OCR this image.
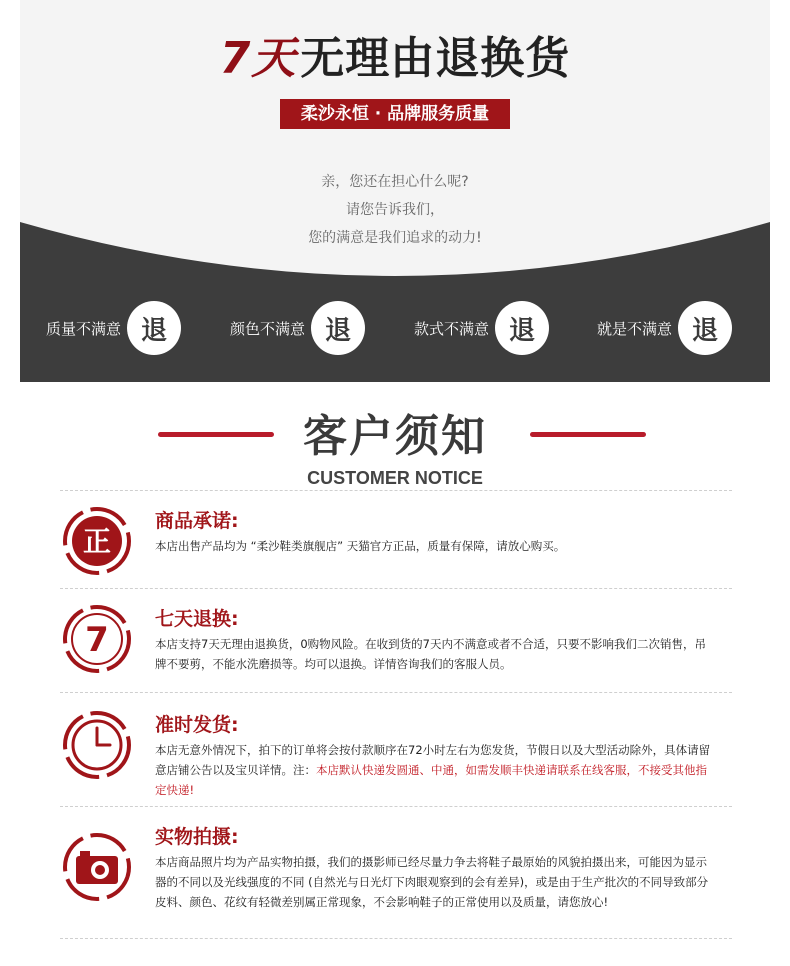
7天无理由退换货
柔沙永恒 · 品牌服务质量
亲，您还在担心什么呢?
请您告诉我们，
您的满意是我们追求的动力!
质量不满意 退	颜色不满意 退	款式不满意 退	就是不满意 退
客户须知
CUSTOMER NOTICE
正
商品承诺:
本店出售产品均为 “柔沙鞋类旗舰店” 天猫官方正品，质量有保障，请放心购买。
7
七天退换:
本店支持7天无理由退换货，0购物风险。在收到货的7天内不满意或者不合适，只要不影响我们二次销售，吊牌不要剪，不能水洗磨损等。均可以退换。详情咨询我们的客服人员。
准时发货:
本店无意外情况下，拍下的订单将会按付款顺序在72小时左右为您发货，节假日以及大型活动除外，具体请留意店铺公告以及宝贝详情。注：本店默认快递发圆通、中通，如需发顺丰快递请联系在线客服，不接受其他指定快递!
实物拍摄:
本店商品照片均为产品实物拍摄，我们的摄影师已经尽量力争去将鞋子最原始的风貌拍摄出来，可能因为显示器的不同以及光线强度的不同 (自然光与日光灯下肉眼观察到的会有差异)，或是由于生产批次的不同导致部分皮料、颜色、花纹有轻微差别属正常现象，不会影响鞋子的正常使用以及质量，请您放心!
